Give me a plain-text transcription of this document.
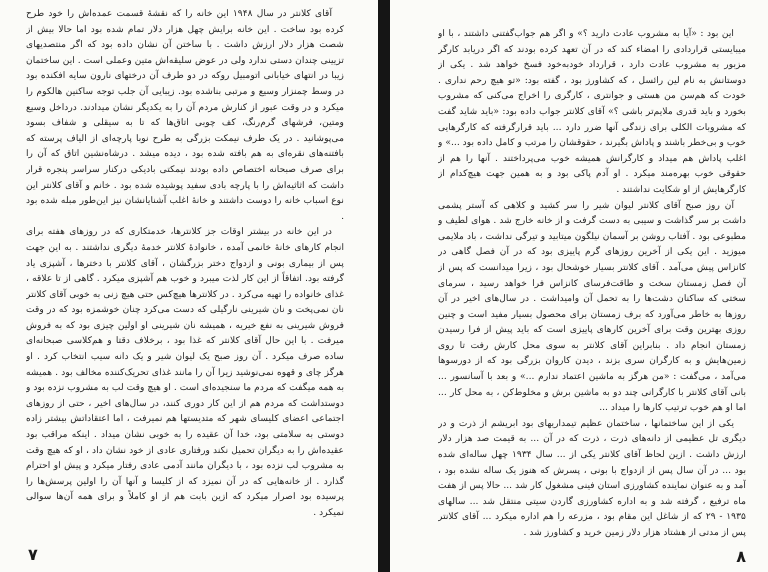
آقای کلانتر در سال ۱۹۴۸ این خانه را که نقشهٔ قسمت عمده‌اش را خود طرح کرده بود ساخت . این خانه برایش چهل هزار دلار تمام شده بود اما حالا بیش از شصت هزار دلار ارزش داشت . با ساختن آن نشان داده بود که اگر منتصدیهای تزیینی چندان دستی ندارد ولی در عوض سلیقه‌اش متین وعملی است . این ساختمان زیبا در انتهای خیابانی اتومبیل روکه در دو طرف آن درختهای نارون سایه افکنده بود در وسط چمنزار وسیع و مرتبی بناشده بود. زیبایی آن جلب توجه ساکنین هالکوم را میکرد و در وقت عبور از کنارش مردم آن را به یکدیگر نشان میدادند. درداخل وسیع ومتین، فرشهای گرم‌رنگ، کف چوبی اتاق‌ها که تا به سیقلی و شفاف بسود می‌پوشانید . در یک طرف نیمکت بزرگی به طرح نوبا پارچه‌ای از الیاف پرسته که بافتنه‌های نقره‌ای به هم بافته شده بود ، دیده میشد . درشاه‌نشین اتاق که آن را برای صرف صبحانه اختصاص داده بودند نیمکتی بادیکی درکنار سراسر پنجره قرار داشت که اثاثیه‌اش را با پارچه بادی سفید پوشیده شده بود . خانم و آقای کلانتر این نوع اسباب خانه را دوست داشتند و خانهٔ اغلب آشنایانشان نیز این‌طور مبله شده بود .

در این خانه در بیشتر اوقات جز کلانترها، خدمتکاری که در روزهای هفته برای انجام کارهای خانهٔ خانمی آمده ، خانوادهٔ کلانتر خدمهٔ دیگری نداشتند . به این جهت پس از بیماری بونی و ازدواج دختر بزرگشان ، آقای کلانتر با دخترها ، آشپزی یاد گرفته بود. اتفاقاً از این کار لذت میبرد و خوب هم آشپزی میکرد . گاهی از تا علاقه ، غذای خانواده را تهیه می‌کرد . در کلانترها هیچ‌کس حتی هیچ زنی به خوبی آقای کلانتر نان نمی‌پخت و نان شیرینی نارگیلی که دست می‌کرد چنان خوشمزه بود که در وقت فروش شیرینی به نفع خیریه ، همیشه نان شیرینی او اولین چیزی بود که به فروش میرفت . با این حال آقای کلانتر که غذا بود ، برخلاف دقتا و هم‌کلاسی صبحانه‌ای ساده صرف میکرد . آن روز صبح یک لیوان شیر و یک دانه سیب انتخاب کرد . او هرگز چای و قهوه نمی‌نوشید زیرا آن را مانند غذای تحریک‌کننده مخالف بود . همیشه به همه میگفت که مردم ما سنجیده‌ای است . او هیچ وقت لب به مشروب نزده بود و دوستداشت که مردم هم از این کار دوری کنند، در سال‌های اخیر ، حتی از روزهای اجتماعی اعضای کلیسای شهر که متدیستها هم نمیرفت ، اما اعتقاداتش بیشتر زاده دوستی به سلامتی بود، خدا آن عقیده را به خوبی نشان میداد . اینکه مراقب بود عقیده‌اش را به دیگران تحمیل نکند ورفتاری عادی از خود نشان داد ، او که هیچ وقت به مشروب لب نزده بود ، با دیگران مانند آدمی عادی رفتار میکرد و پیش او احترام گذارد . از خانه‌هایی که در آن نمیزد که از کلیسا و آنها آن را اولین پرسش‌ها را پرسیده بود اصرار میکرد که ازین بابت هم از او کاملاً و برای همه آن‌ها سوالی نمیکرد .

۷

این بود : «آیا به مشروب عادت دارید ؟» و اگر هم جواب‌گفتنی داشتند ، با او میبایستی قراردادی را امضاء کند که در آن تعهد کرده بودند که اگر دریابد کارگر مزبور به مشروب عادت دارد ، قرارداد خودبه‌خود فسخ خواهد شد . یکی از دوستانش به نام لین رائسل ، که کشاورز بود ، گفته بود: «تو هیچ رحم نداری . خودت که هم‌سن من هستی و جوانتری ، کارگری را اخراج می‌کنی که مشروب بخورد و باید قدری ملایم‌تر باشی ؟» آقای کلانتر جواب داده بود: «باید شاید گفت که مشروبات الکلی برای زندگی آنها ضرر دارد ... باید قرارگرفته که کارگرهایی خوب و بی‌خطر باشند و پاداش بگیرند ، حقوقشان را مرتب و کامل داده بود ...» و اغلب پاداش هم میداد و کارگرانش همیشه خوب می‌پرداختند . آنها را هم از حقوقی خوب بهره‌مند میکرد . او آدم پاکی بود و به همین جهت هیچ‌کدام از کارگرهایش از او شکایت نداشتند .

آن روز صبح آقای کلانتر لیوان شیر را سر کشید و کلاهی که آستر پشمی داشت بر سر گذاشت و سیبی به دست گرفت و از خانه خارج شد . هوای لطیف و مطبوعی بود . آفتاب روشن بر آسمان نیلگون میتابید و تیرگی نداشت ، باد ملایمی میوزید . این یکی از آخرین روزهای گرم پاییزی بود که در آن فصل گاهی در کانزاس پیش می‌آمد . آقای کلانتر بسیار خوشحال بود ، زیرا میدانست که پس از آن فصل زمستان سخت و طاقت‌فرسای کانزاس فرا خواهد رسید ، سرمای سختی که ساکنان دشت‌ها را به تحمل آن وامیداشت . در سال‌های اخیر در آن روزها به خاطر می‌آورد که برف زمستان برای محصول بسیار مفید است و چنین روزی بهترین وقت برای آخرین کارهای پاییزی است که باید پیش از فرا رسیدن زمستان انجام داد . بنابراین آقای کلانتر به سوی محل کارش رفت تا روی زمین‌هایش و به کارگران سری بزند ، دیدن کاروان بزرگی بود که از دورسوها می‌آمد ، می‌گفت : «من هرگز به ماشین اعتماد ندارم ...» و بعد با آسانسور ... بانی آقای کلانتر با کارگرانی چند دو به ماشین برش و مخلوط‌کن ، به محل کار ... اما او هم خوب ترتیب کارها را میداد ...

یکی از این ساختمانها ، ساختمان عظیم تیمداریهای بود ابریشم از ذرت و در دیگری تل عظیمی از دانه‌های ذرت ، ذرت که در آن ... به قیمت صد هزار دلار ارزش داشت . ازین لحاظ آقای کلانتر یکی از ... سال ۱۹۳۴ چهل ساله‌ای شده بود ... در آن سال پس از ازدواج با بونی ، پسرش که هنوز یک ساله نشده بود ، آمد و به عنوان نماینده کشاورزی استان فینی مشغول کار شد ... حالا پس از هفت ماه ترفیع ، گرفته شد و به اداره کشاورزی گاردن سیتی منتقل شد ... سالهای ۱۹۳۵ - ۲۹ که از شاغل این مقام بود ، مزرعه را هم اداره میکرد ... آقای کلانتر پس از مدتی از هشتاد هزار دلار زمین خرید و کشاورز شد .

۸
